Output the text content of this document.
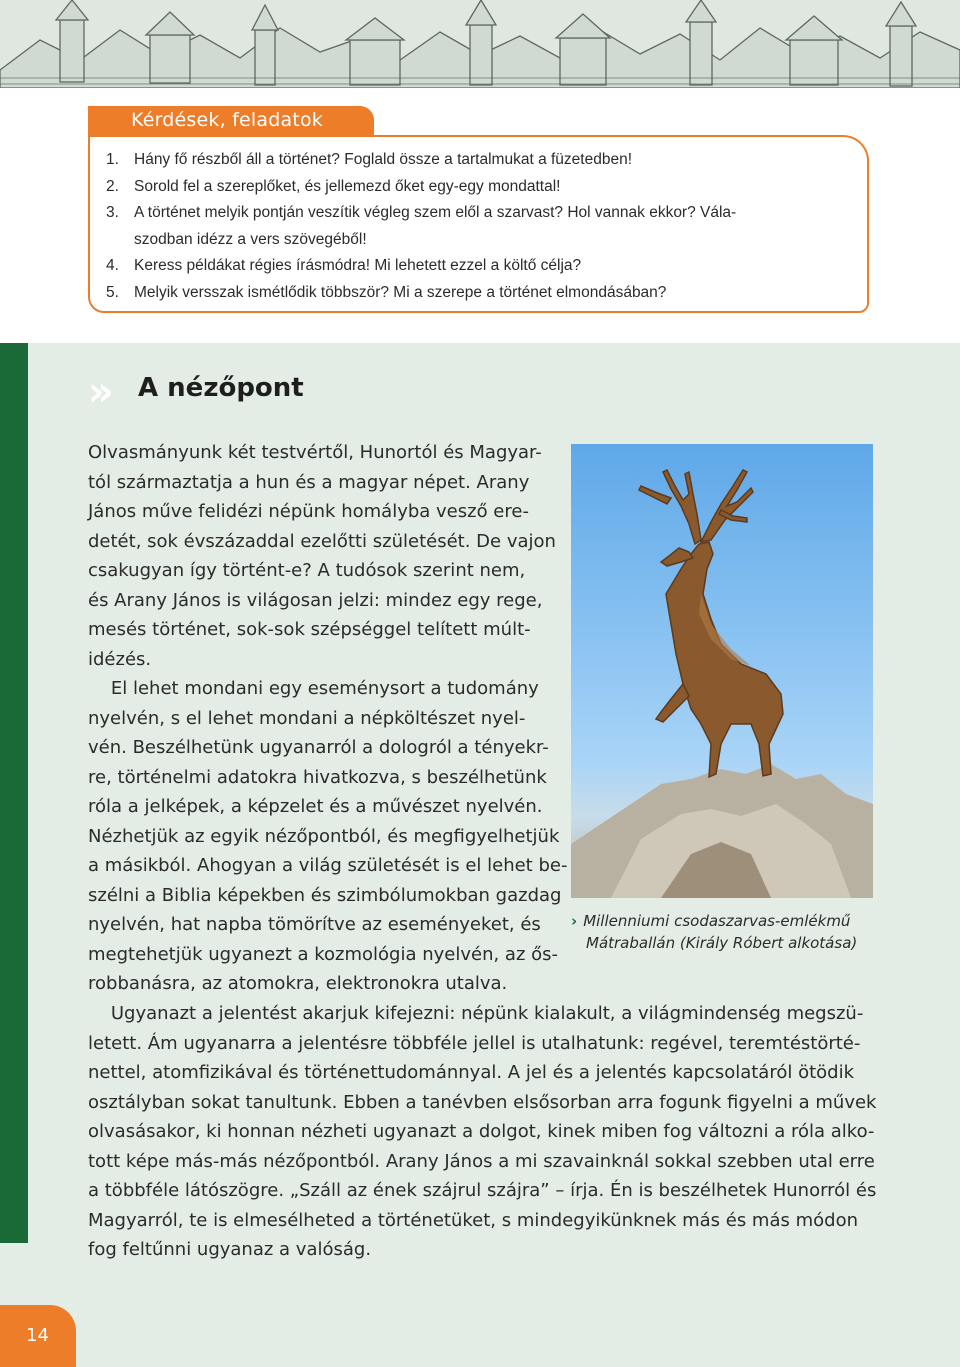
Kérdések, feladatok
1. Hány fő részből áll a történet? Foglald össze a tartalmukat a füzetedben!
2. Sorold fel a szereplőket, és jellemezd őket egy-egy mondattal!
3. A történet melyik pontján veszítik végleg szem elől a szarvast? Hol vannak ekkor? Vála-
szodban idézz a vers szövegéből!
4. Keress példákat régies írásmódra! Mi lehetett ezzel a költő célja?
5. Melyik versszak ismétlődik többször? Mi a szerepe a történet elmondásában?
» A nézőpont
Olvasmányunk két testvértől, Hunortól és Magyar-
tól származtatja a hun és a magyar népet. Arany
János műve felidézi népünk homályba vesző ere-
detét, sok évszázaddal ezelőtti születését. De vajon
csakugyan így történt-e? A tudósok szerint nem,
és Arany János is világosan jelzi: mindez egy rege,
mesés történet, sok-sok szépséggel telített múlt-
idézés.
El lehet mondani egy eseménysort a tudomány
nyelvén, s el lehet mondani a népköltészet nyel-
vén. Beszélhetünk ugyanarról a dologról a tényekr-
re, történelmi adatokra hivatkozva, s beszélhetünk
róla a jelképek, a képzelet és a művészet nyelvén.
Nézhetjük az egyik nézőpontból, és megfigyelhetjük
a másikból. Ahogyan a világ születését is el lehet be-
szélni a Biblia képekben és szimbólumokban gazdag
nyelvén, hat napba tömörítve az eseményeket, és
megtehetjük ugyanezt a kozmológia nyelvén, az ős-
robbanásra, az atomokra, elektronokra utalva.
› Millenniumi csodaszarvas-emlékmű
Mátraballán (Király Róbert alkotása)
Ugyanazt a jelentést akarjuk kifejezni: népünk kialakult, a világmindenség megszü-
letett. Ám ugyanarra a jelentésre többféle jellel is utalhatunk: regével, teremtéstörté-
nettel, atomfizikával és történettudománnyal. A jel és a jelentés kapcsolatáról ötödik
osztályban sokat tanultunk. Ebben a tanévben elsősorban arra fogunk figyelni a művek
olvasásakor, ki honnan nézheti ugyanazt a dolgot, kinek miben fog változni a róla alko-
tott képe más-más nézőpontból. Arany János a mi szavainknál sokkal szebben utal erre
a többféle látószögre. „Száll az ének szájrul szájra” – írja. Én is beszélhetek Hunorról és
Magyarról, te is elmesélheted a történetüket, s mindegyikünknek más és más módon
fog feltűnni ugyanaz a valóság.
14
